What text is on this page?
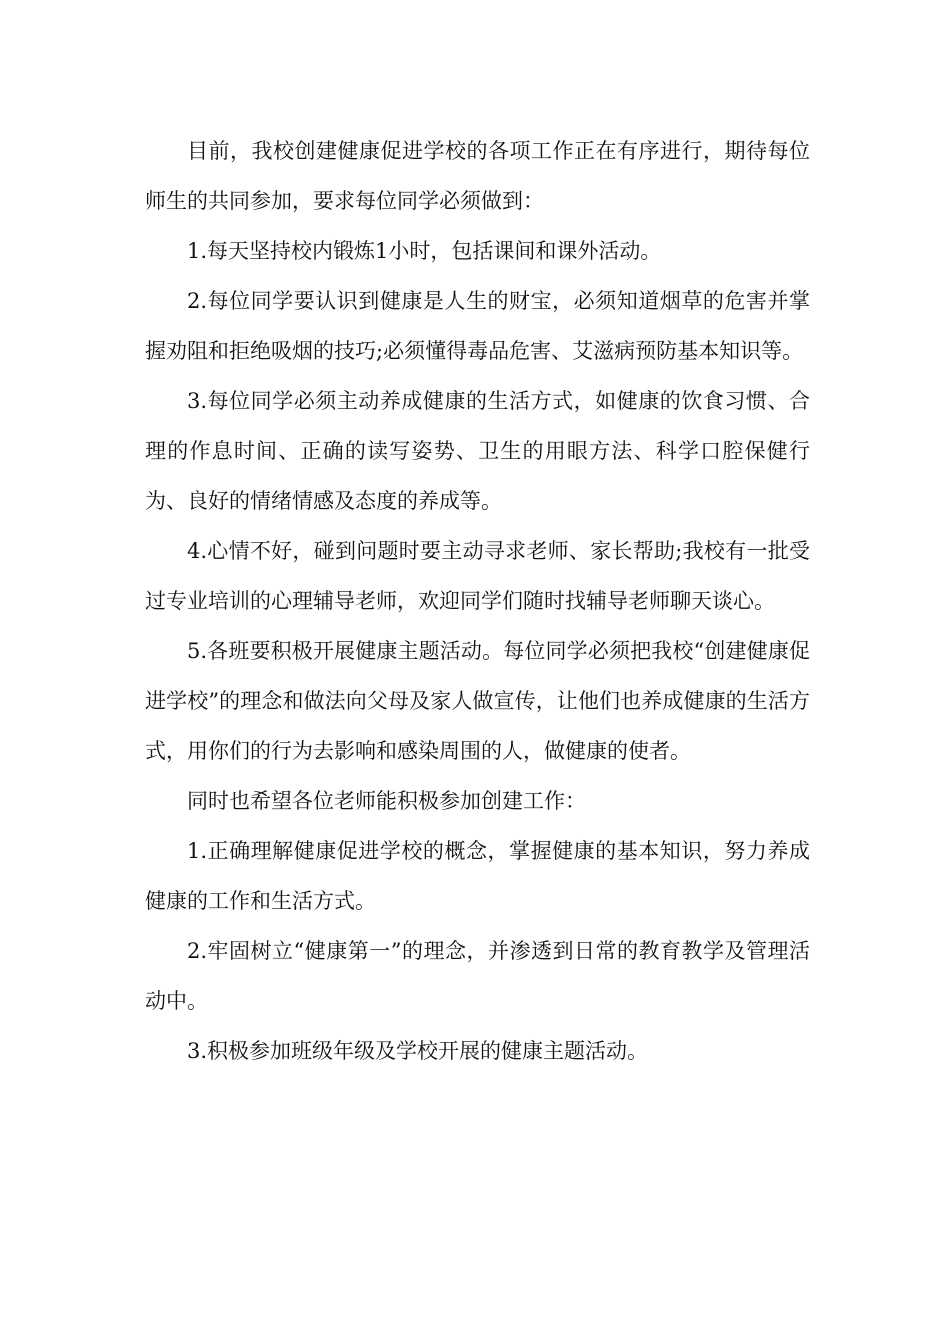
目前，我校创建健康促进学校的各项工作正在有序进行，期待每位师生的共同参加，要求每位同学必须做到：

1.每天坚持校内锻炼1小时，包括课间和课外活动。

2.每位同学要认识到健康是人生的财宝，必须知道烟草的危害并掌握劝阻和拒绝吸烟的技巧;必须懂得毒品危害、艾滋病预防基本知识等。

3.每位同学必须主动养成健康的生活方式，如健康的饮食习惯、合理的作息时间、正确的读写姿势、卫生的用眼方法、科学口腔保健行为、良好的情绪情感及态度的养成等。

4.心情不好，碰到问题时要主动寻求老师、家长帮助;我校有一批受过专业培训的心理辅导老师，欢迎同学们随时找辅导老师聊天谈心。

5.各班要积极开展健康主题活动。每位同学必须把我校“创建健康促进学校”的理念和做法向父母及家人做宣传，让他们也养成健康的生活方式，用你们的行为去影响和感染周围的人，做健康的使者。

同时也希望各位老师能积极参加创建工作：

1.正确理解健康促进学校的概念，掌握健康的基本知识，努力养成健康的工作和生活方式。

2.牢固树立“健康第一”的理念，并渗透到日常的教育教学及管理活动中。

3.积极参加班级年级及学校开展的健康主题活动。
